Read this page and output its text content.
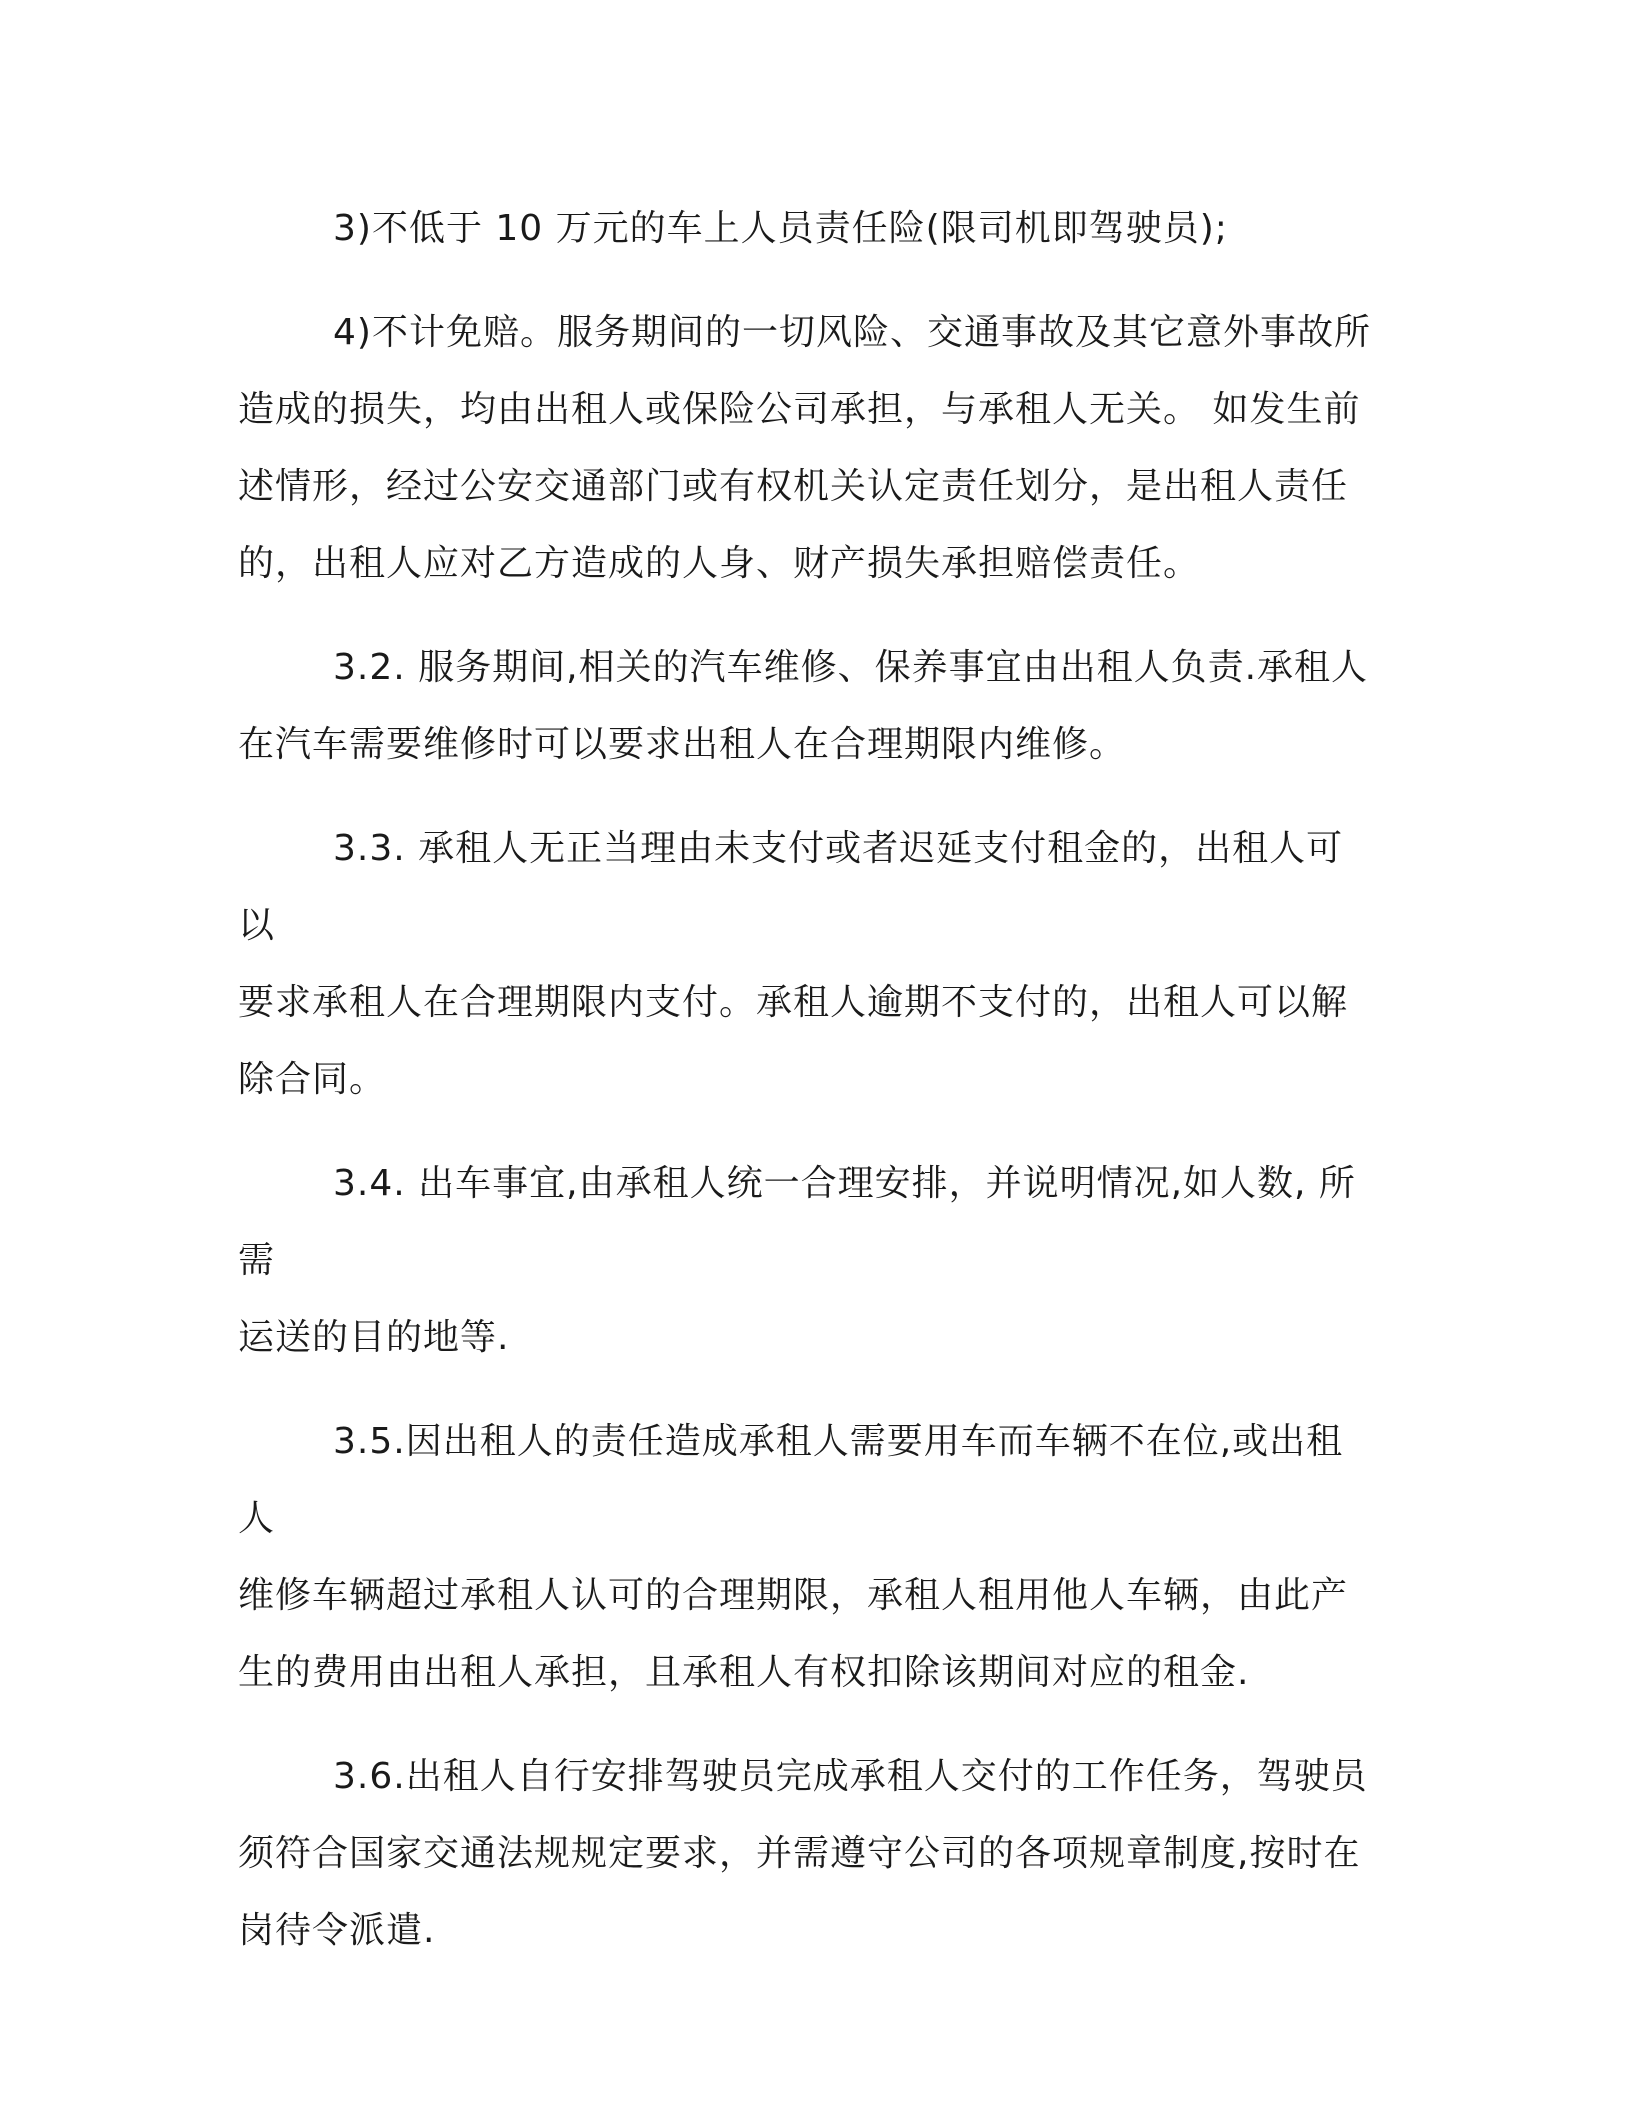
3)不低于 10 万元的车上人员责任险(限司机即驾驶员);

4)不计免赔。服务期间的一切风险、交通事故及其它意外事故所
造成的损失，均由出租人或保险公司承担，与承租人无关。 如发生前
述情形，经过公安交通部门或有权机关认定责任划分，是出租人责任
的，出租人应对乙方造成的人身、财产损失承担赔偿责任。

3.2. 服务期间,相关的汽车维修、保养事宜由出租人负责.承租人
在汽车需要维修时可以要求出租人在合理期限内维修。

3.3. 承租人无正当理由未支付或者迟延支付租金的，出租人可以
要求承租人在合理期限内支付。承租人逾期不支付的，出租人可以解
除合同。

3.4. 出车事宜,由承租人统一合理安排，并说明情况,如人数, 所需
运送的目的地等.

3.5.因出租人的责任造成承租人需要用车而车辆不在位,或出租人
维修车辆超过承租人认可的合理期限，承租人租用他人车辆，由此产
生的费用由出租人承担，且承租人有权扣除该期间对应的租金.

3.6.出租人自行安排驾驶员完成承租人交付的工作任务，驾驶员
须符合国家交通法规规定要求，并需遵守公司的各项规章制度,按时在
岗待令派遣.
